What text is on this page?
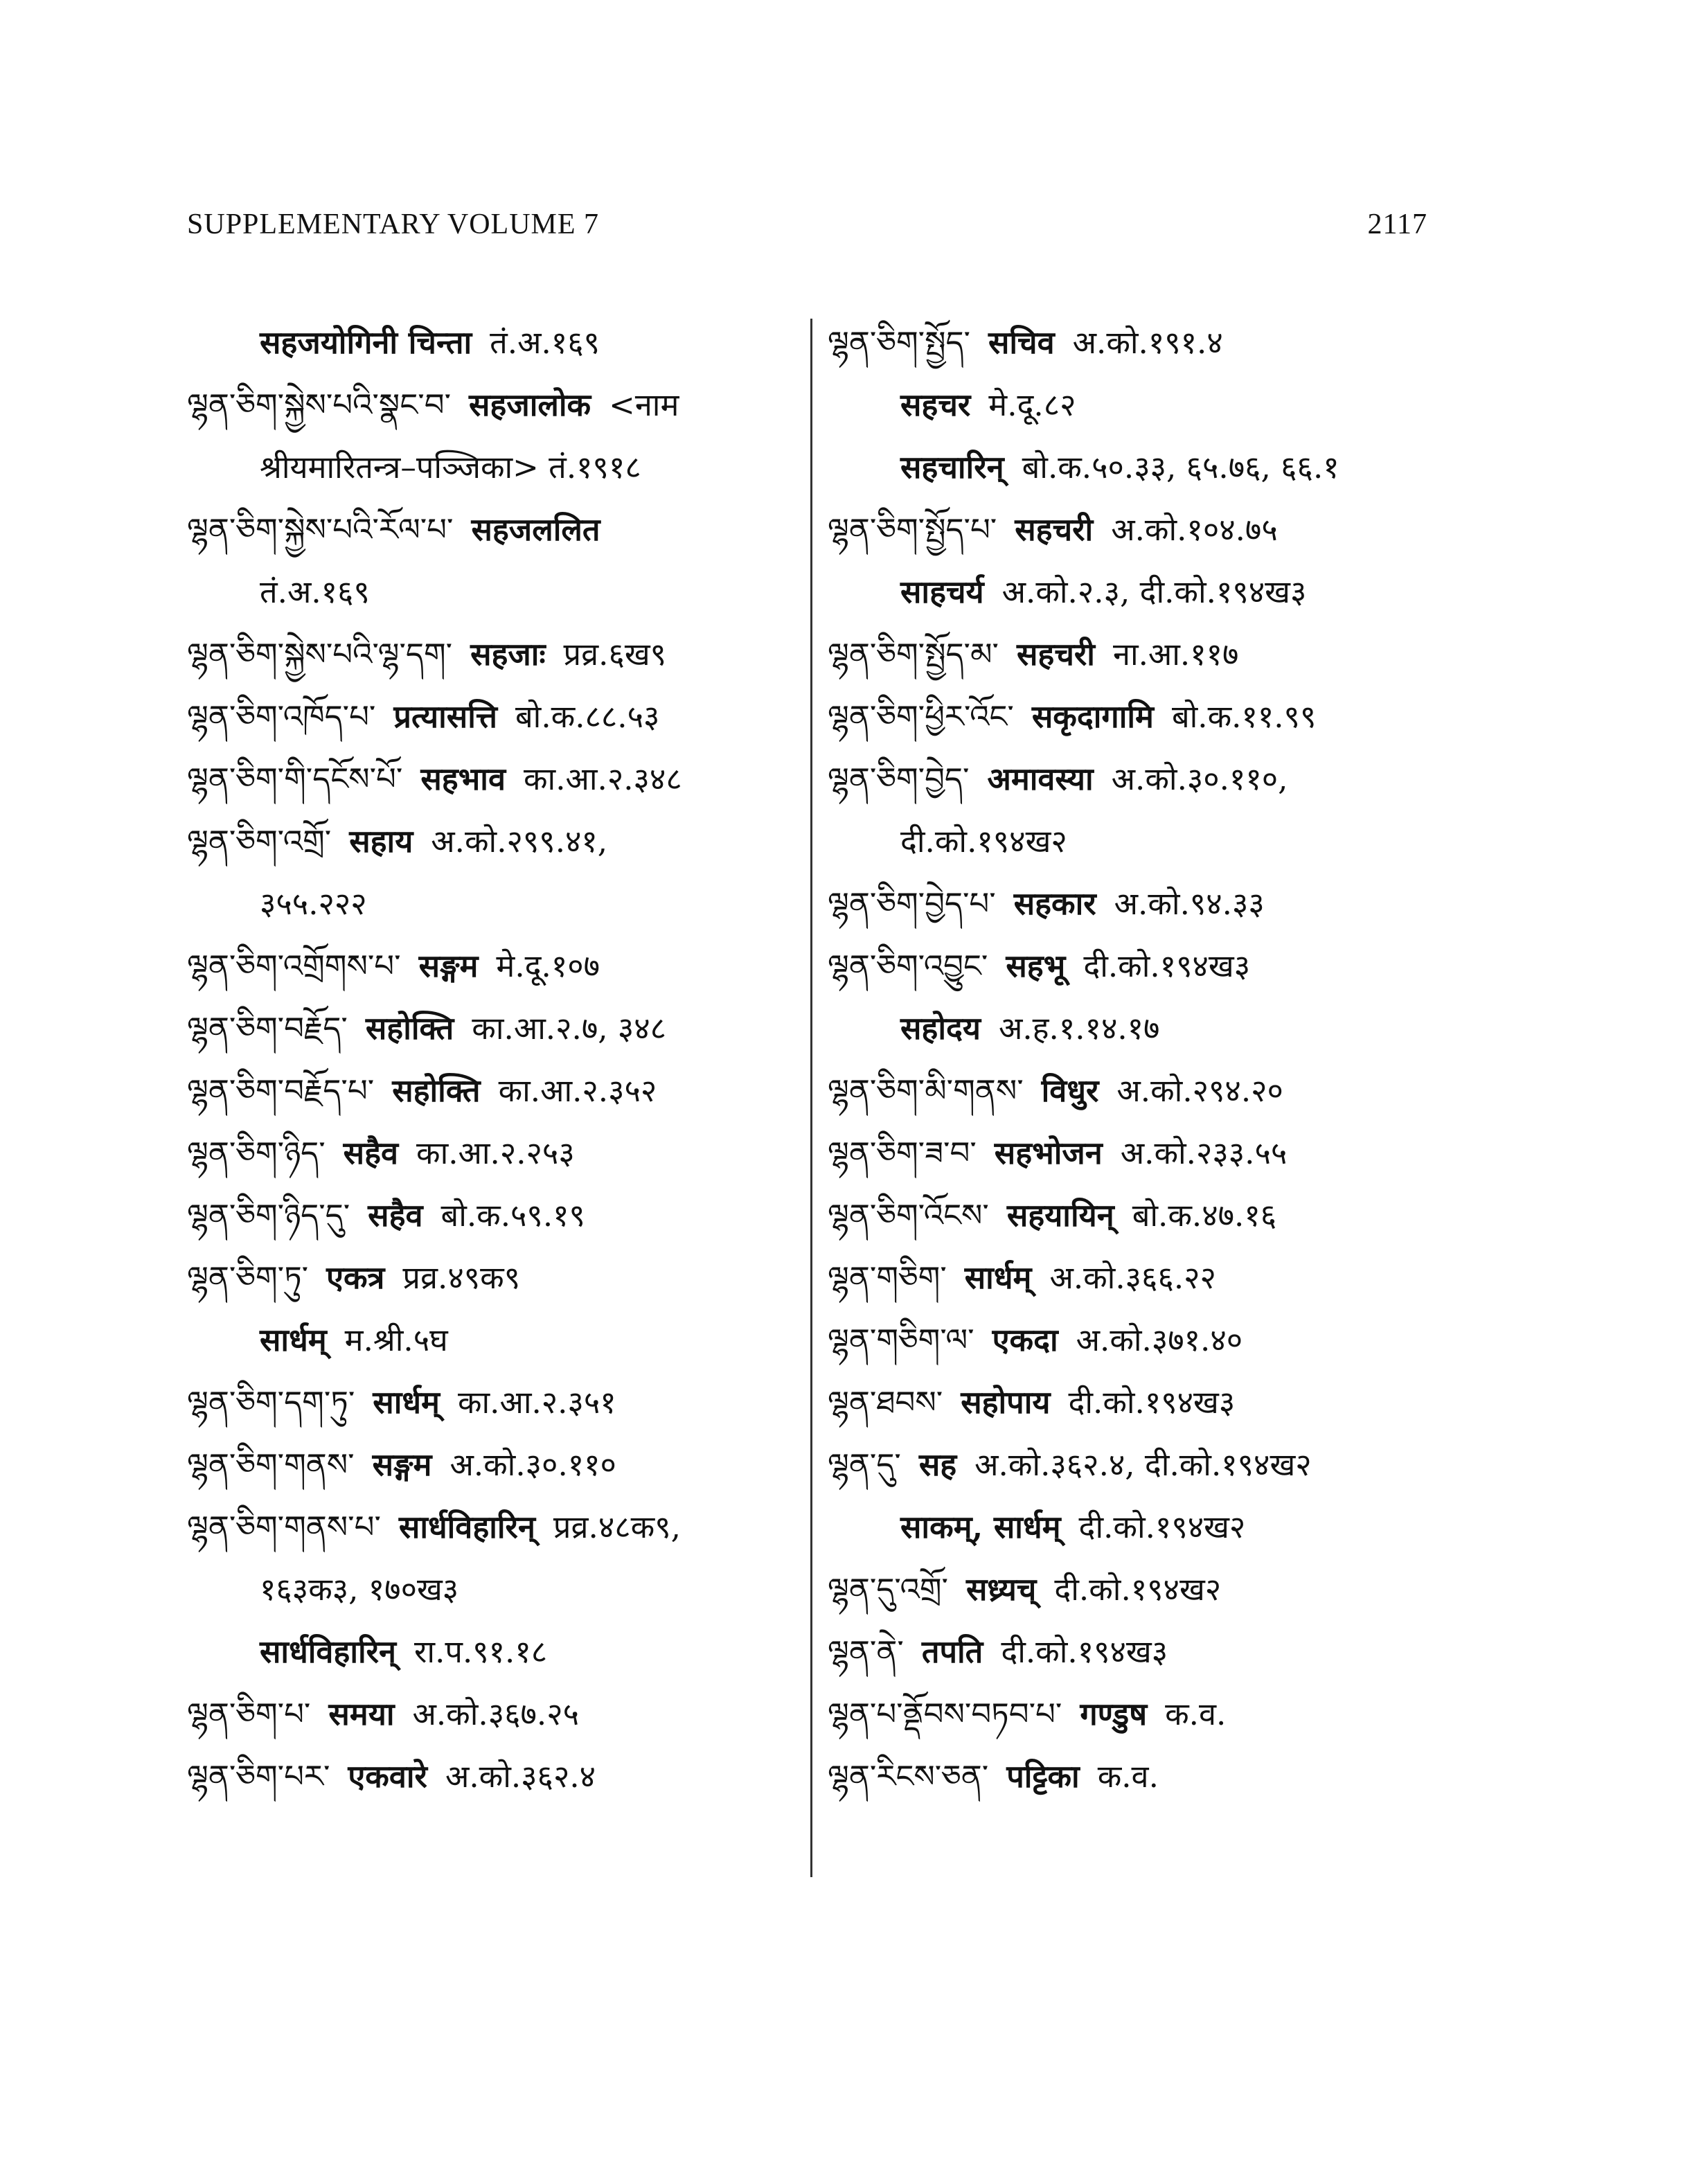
SUPPLEMENTARY VOLUME 7	2117
सहजयोगिनी चिन्ता तं.अ.१६९
ལྷན་ཅིག་སྐྱེས་པའི་སྣང་བ་ सहजालोक <नाम
श्रीयमारितन्त्र–पञ्जिका> तं.१९१८
ལྷན་ཅིག་སྐྱེས་པའི་རོལ་པ་ सहजललित
तं.अ.१६९
ལྷན་ཅིག་སྐྱེས་པའི་ལྷ་དག་ सहजाः प्रव्र.६ख९
ལྷན་ཅིག་འཁོད་པ་ प्रत्यासत्ति बो.क.८८.५३
ལྷན་ཅིག་གི་དངོས་པོ་ सहभाव का.आ.२.३४८
ལྷན་ཅིག་འགྲོ་ सहाय अ.को.२९९.४१,
३५५.२२२
ལྷན་ཅིག་འགྲོགས་པ་ सङ्गम मे.दू.१०७
ལྷན་ཅིག་བརྗོད་ सहोक्ति का.आ.२.७, ३४८
ལྷན་ཅིག་བརྗོད་པ་ सहोक्ति का.आ.२.३५२
ལྷན་ཅིག་ཉིད་ सहैव का.आ.२.२५३
ལྷན་ཅིག་ཉིད་དུ་ सहैव बो.क.५९.१९
ལྷན་ཅིག་ཏུ་ एकत्र प्रव्र.४९क९
सार्धम् म.श्री.५घ
ལྷན་ཅིག་དག་ཏུ་ सार्धम् का.आ.२.३५१
ལྷན་ཅིག་གནས་ सङ्गम अ.को.३०.११०
ལྷན་ཅིག་གནས་པ་ सार्धविहारिन् प्रव्र.४८क९,
१६३क३, १७०ख३
सार्धविहारिन् रा.प.९१.१८
ལྷན་ཅིག་པ་ समया अ.को.३६७.२५
ལྷན་ཅིག་པར་ एकवारे अ.को.३६२.४
ལྷན་ཅིག་སྤྱོད་ सचिव अ.को.१९१.४
सहचर मे.दू.८२
सहचारिन् बो.क.५०.३३, ६५.७६, ६६.१
ལྷན་ཅིག་སྤྱོད་པ་ सहचरी अ.को.१०४.७५
साहचर्य अ.को.२.३, दी.को.१९४ख३
ལྷན་ཅིག་སྤྱོད་མ་ सहचरी ना.आ.११७
ལྷན་ཅིག་ཕྱིར་འོང་ सकृदागामि बो.क.११.९९
ལྷན་ཅིག་བྱེད་ अमावस्या अ.को.३०.११०,
दी.को.१९४ख२
ལྷན་ཅིག་བྱེད་པ་ सहकार अ.को.९४.३३
ལྷན་ཅིག་འབྱུང་ सहभू दी.को.१९४ख३
सहोदय अ.ह.१.१४.१७
ལྷན་ཅིག་མི་གནས་ विधुर अ.को.२९४.२०
ལྷན་ཅིག་ཟ་བ་ सहभोजन अ.को.२३३.५५
ལྷན་ཅིག་འོངས་ सहयायिन् बो.क.४७.१६
ལྷན་གཅིག་ सार्धम् अ.को.३६६.२२
ལྷན་གཅིག་ལ་ एकदा अ.को.३७१.४०
ལྷན་ཐབས་ सहोपाय दी.को.१९४ख३
ལྷན་དུ་ सह अ.को.३६२.४, दी.को.१९४ख२
साकम्, सार्धम् दी.को.१९४ख२
ལྷན་དུ་འགྲོ་ सध्र्यच् दी.को.१९४ख२
ལྷན་ནེ་ तपति दी.को.१९४ख३
ལྷན་པ་ནྡོབས་བཏབ་པ་ गण्डुष क.व.
ལྷན་རིངས་ཅན་ पट्टिका क.व.
